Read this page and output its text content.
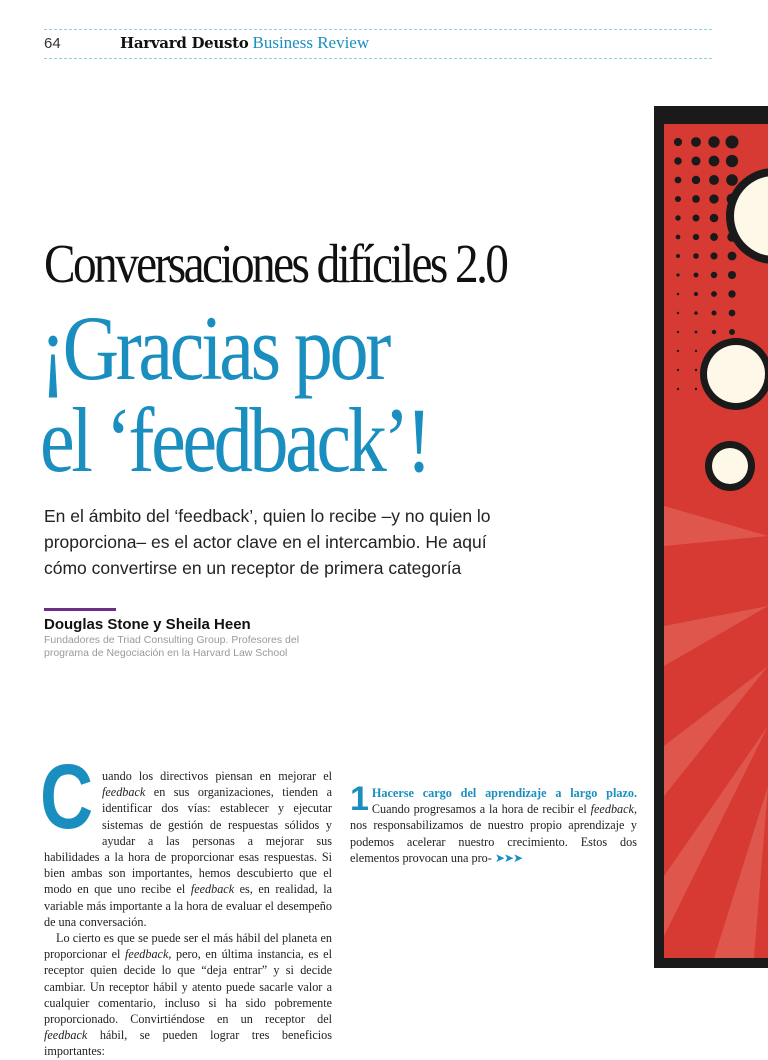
64	Harvard Deusto Business Review
Conversaciones difíciles 2.0
¡Gracias por
el ‘feedback’!
En el ámbito del ‘feedback’, quien lo recibe –y no quien lo proporciona– es el actor clave en el intercambio. He aquí cómo convertirse en un receptor de primera categoría
Douglas Stone y Sheila Heen
Fundadores de Triad Consulting Group. Profesores del programa de Negociación en la Harvard Law School

Cuando los directivos piensan en mejorar el feedback en sus organizaciones, tienden a identificar dos vías: establecer y ejecutar sistemas de gestión de respuestas sólidos y ayudar a las personas a mejorar sus habilidades a la hora de proporcionar esas respuestas. Si bien ambas son importantes, hemos descubierto que el modo en que uno recibe el feedback es, en realidad, la variable más importante a la hora de evaluar el desempeño de una conversación.

Lo cierto es que se puede ser el más hábil del planeta en proporcionar el feedback, pero, en última instancia, es el receptor quien decide lo que “deja entrar” y si decide cambiar. Un receptor hábil y atento puede sacarle valor a cualquier comentario, incluso si ha sido pobremente proporcionado. Convirtiéndose en un receptor del feedback hábil, se pueden lograr tres beneficios importantes:

1 Hacerse cargo del aprendizaje a largo plazo. Cuando progresamos a la hora de recibir el feedback, nos responsabilizamos de nuestro propio aprendizaje y podemos acelerar nuestro crecimiento. Estos dos elementos provocan una pro- ➤➤➤
